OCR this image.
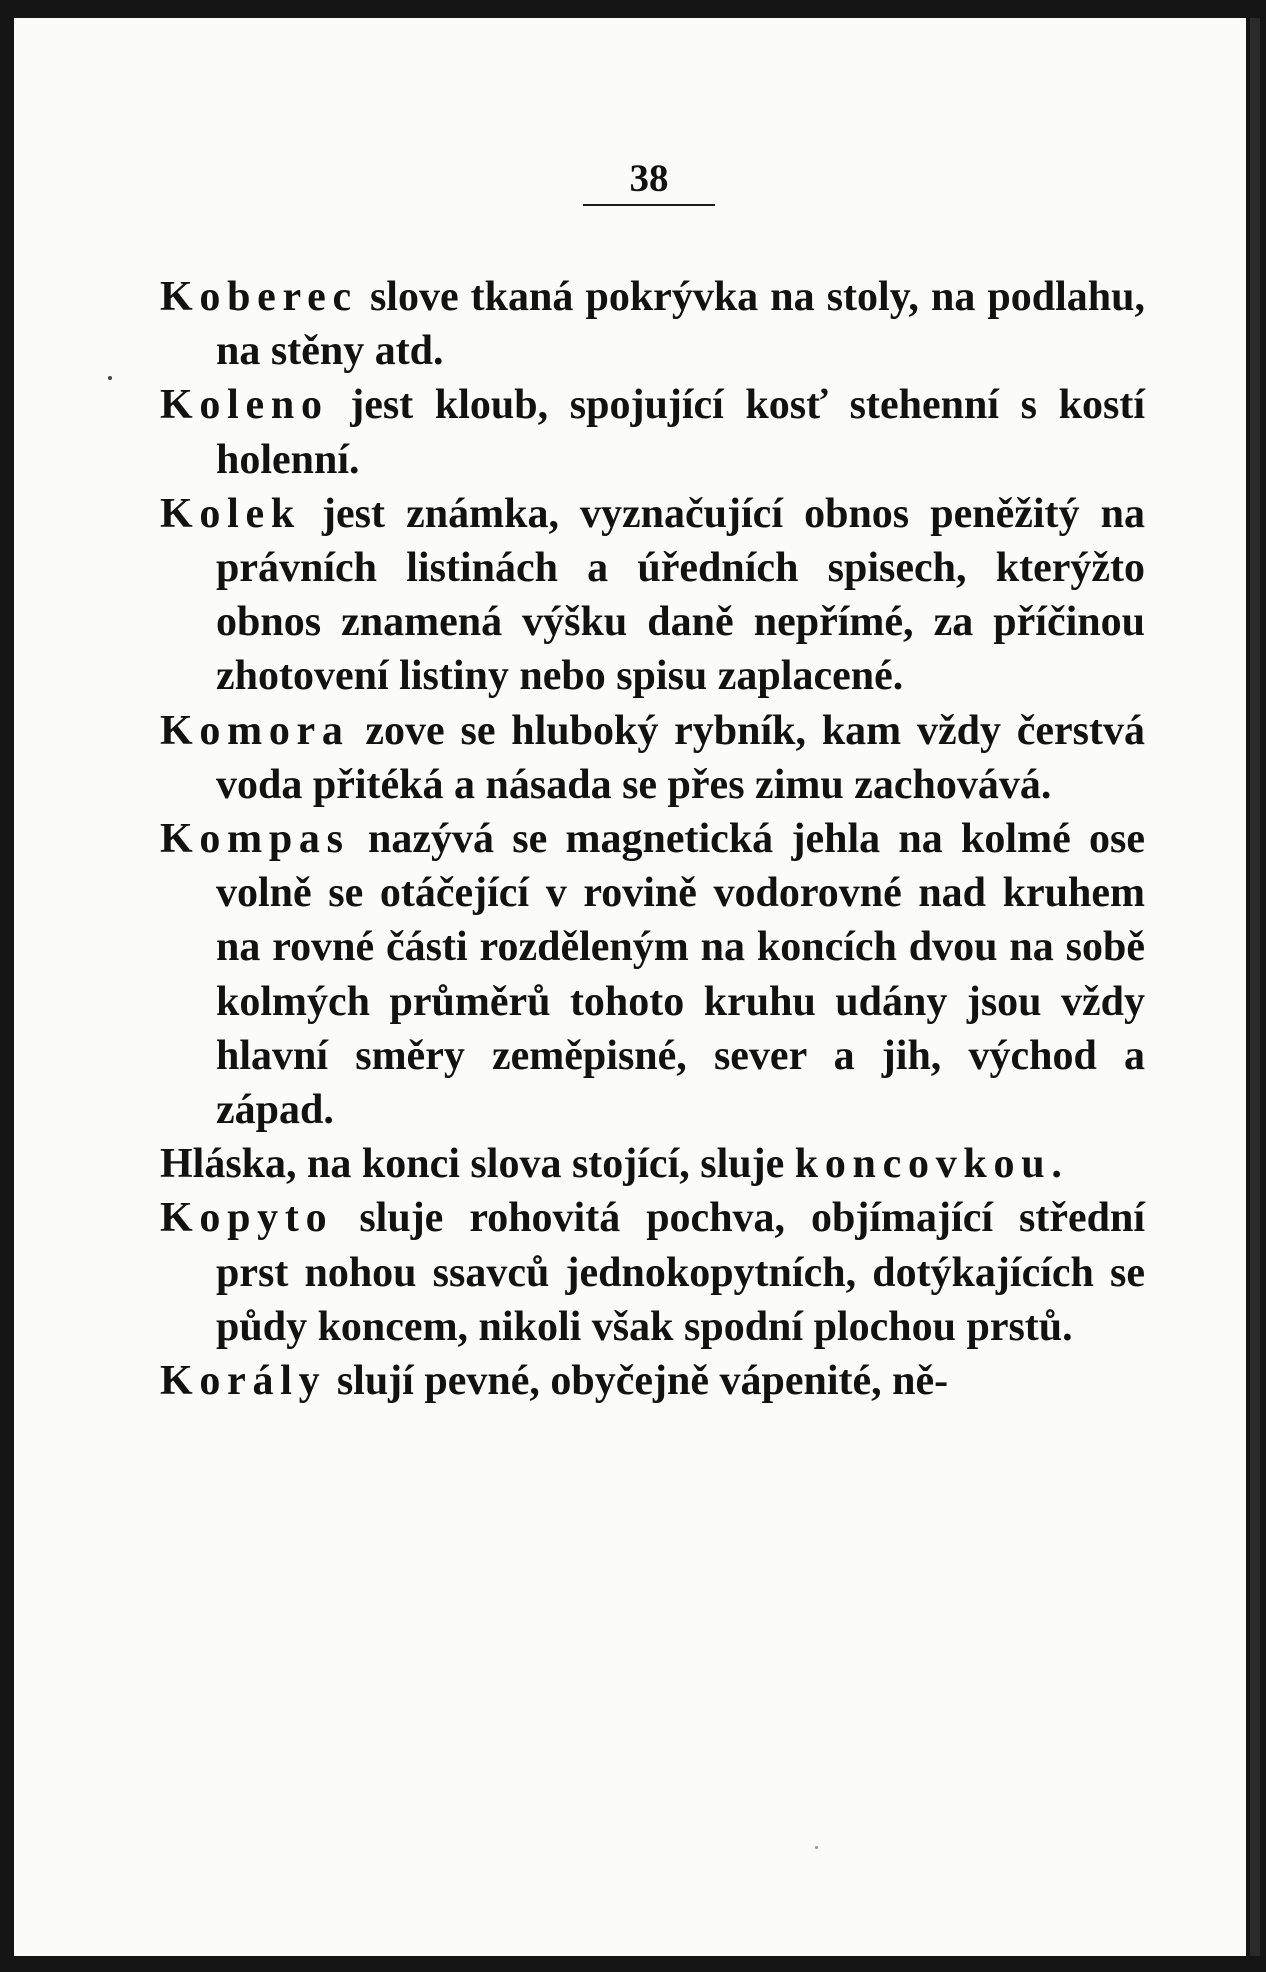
38

Koberec slove tkaná pokrývka na stoly, na podlahu, na stěny atd.

Koleno jest kloub, spojující kosť stehenní s kostí holenní.

Kolek jest známka, vyznačující obnos peněžitý na právních listinách a úředních spisech, kterýžto obnos znamená výšku daně nepřímé, za příčinou zhotovení listiny nebo spisu zaplacené.

Komora zove se hluboký rybník, kam vždy čerstvá voda přitéká a násada se přes zimu zachovává.

Kompas nazývá se magnetická jehla na kolmé ose volně se otáčející v rovině vodorovné nad kruhem na rovné části rozděleným na koncích dvou na sobě kolmých průměrů tohoto kruhu udány jsou vždy hlavní směry zeměpisné, sever a jih, východ a západ.

Hláska, na konci slova stojící, sluje koncovkou.

Kopyto sluje rohovitá pochva, objímající střední prst nohou ssavců jednokopytních, dotýkajících se půdy koncem, nikoli však spodní plochou prstů.

Korály slují pevné, obyčejně vápenité, ně-
